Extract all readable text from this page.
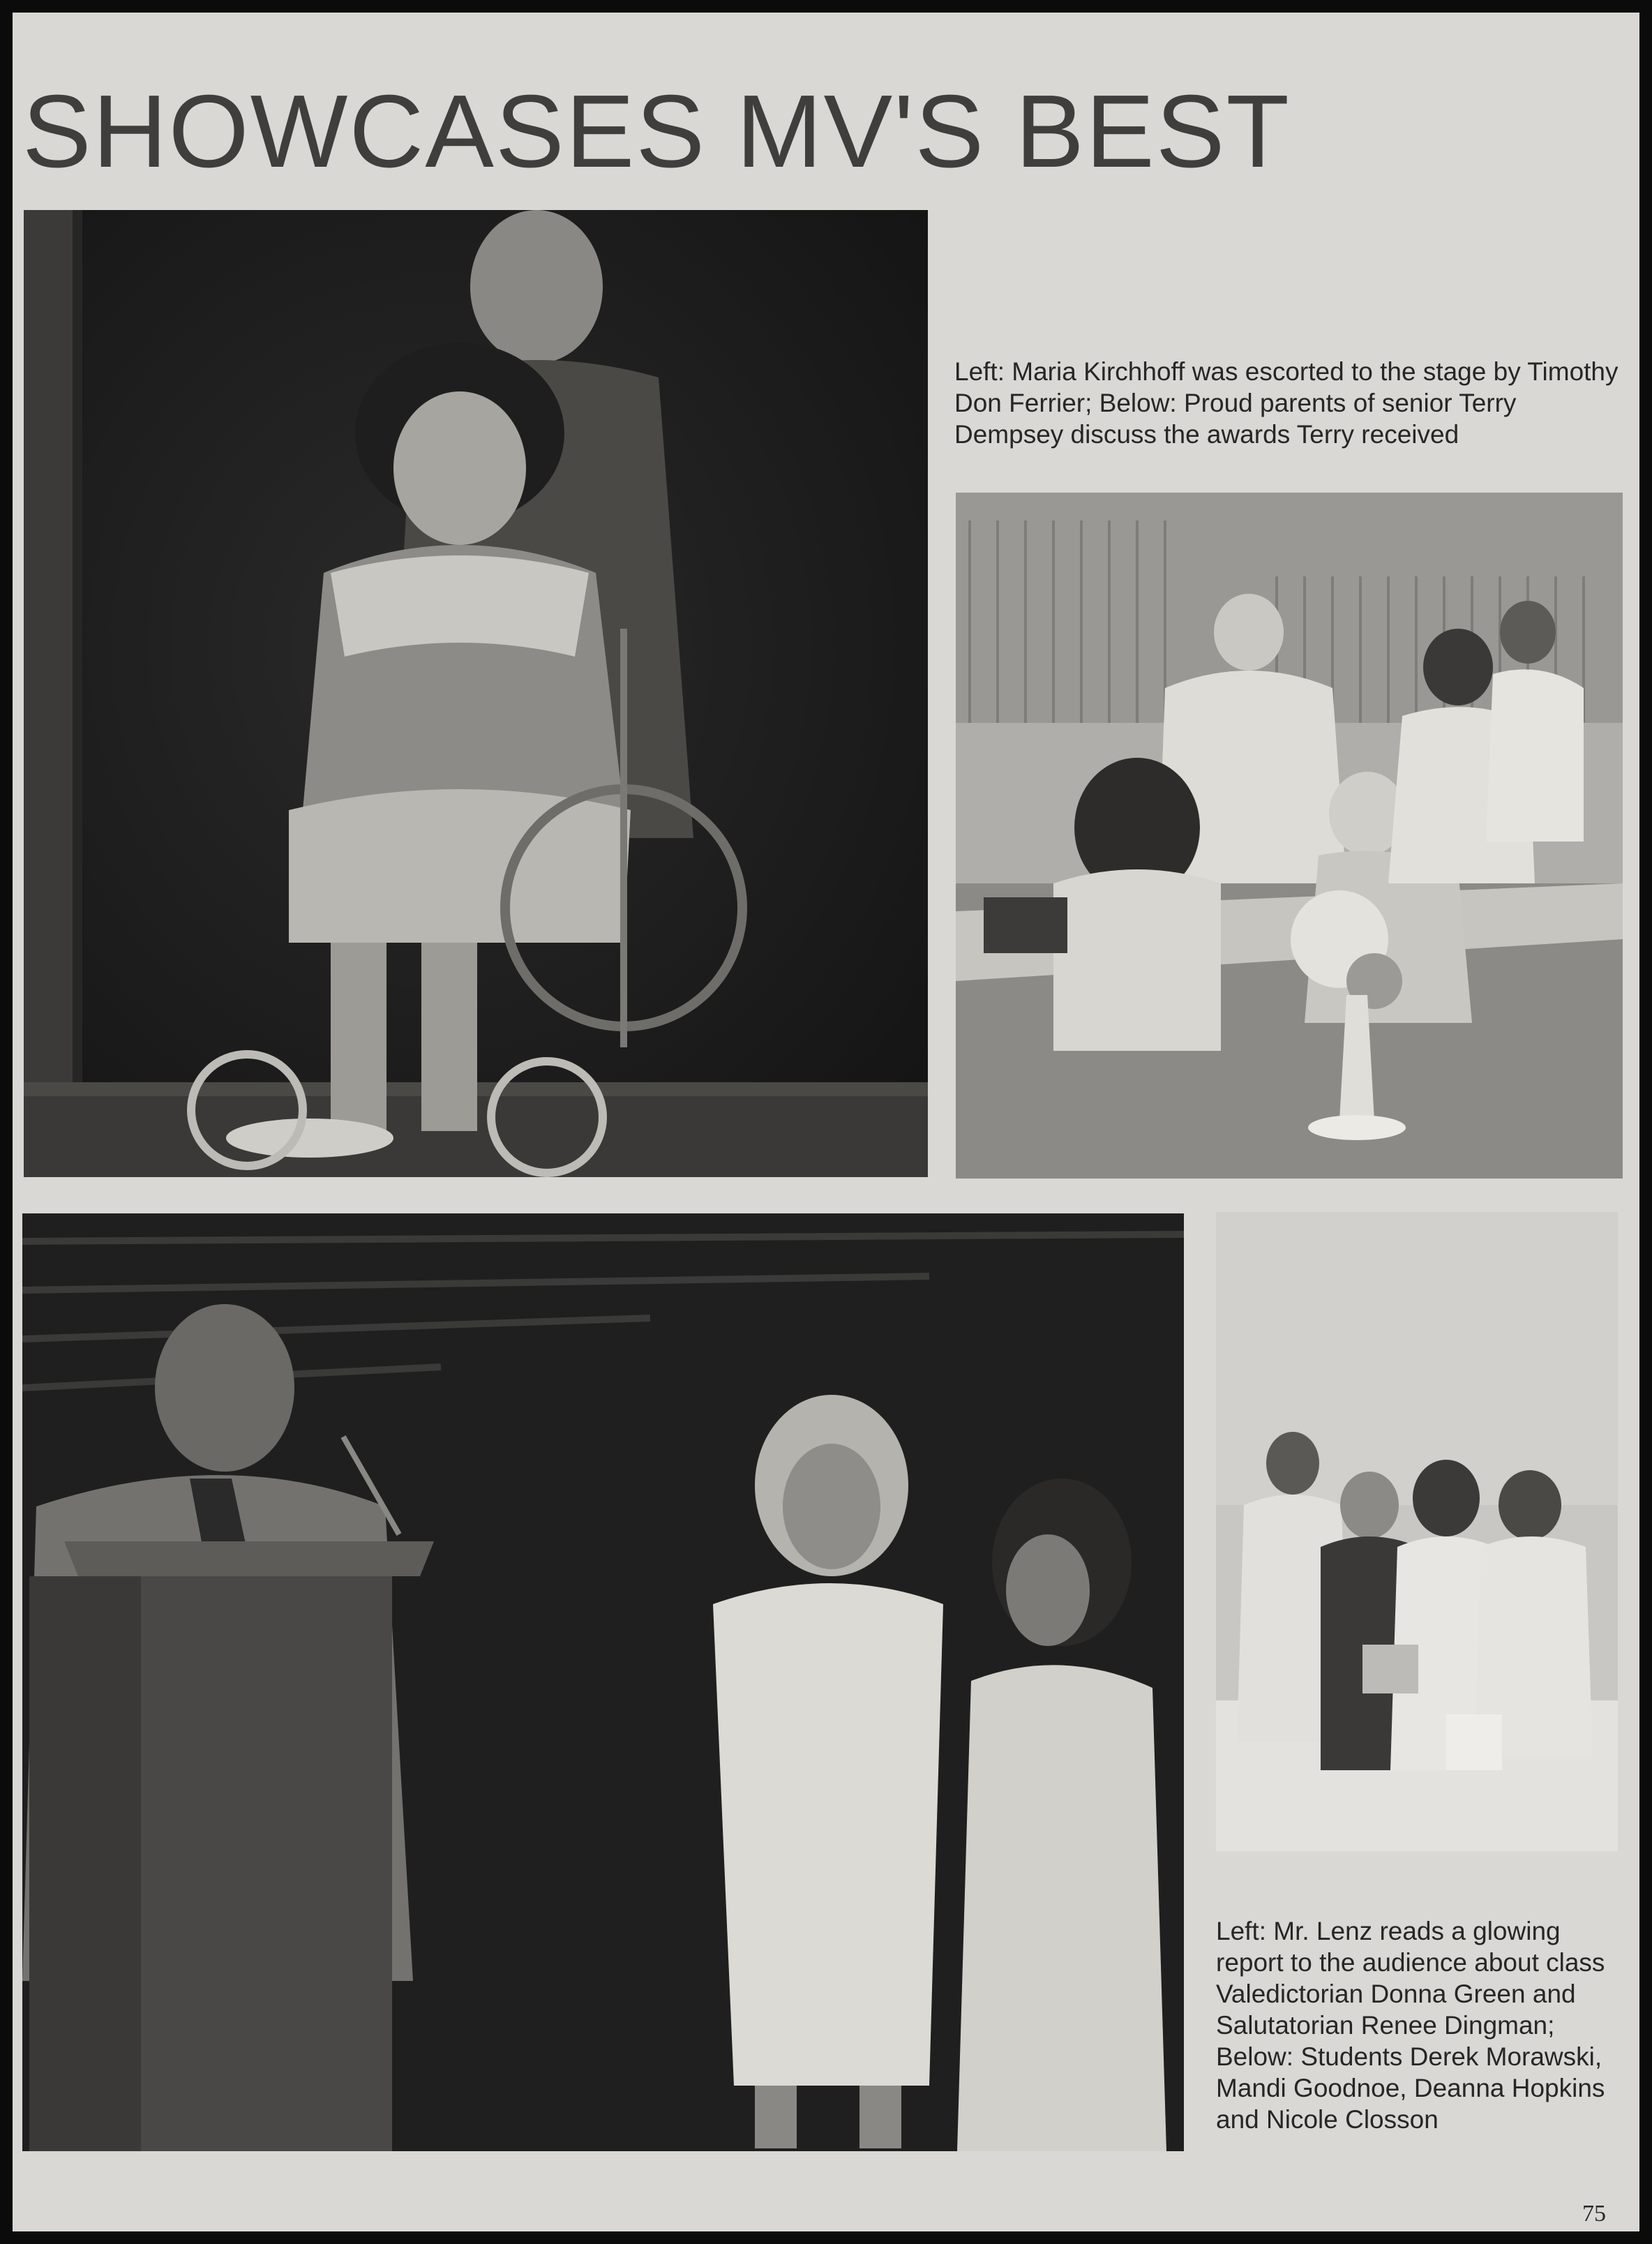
SHOWCASES MV'S BEST

Left: Maria Kirchhoff was escorted to the stage by Timothy Don Ferrier; Below: Proud parents of senior Terry Dempsey discuss the awards Terry received

Left: Mr. Lenz reads a glowing report to the audience about class Valedictorian Donna Green and Salutatorian Renee Dingman; Below: Students Derek Morawski, Mandi Goodnoe, Deanna Hopkins and Nicole Closson

75
